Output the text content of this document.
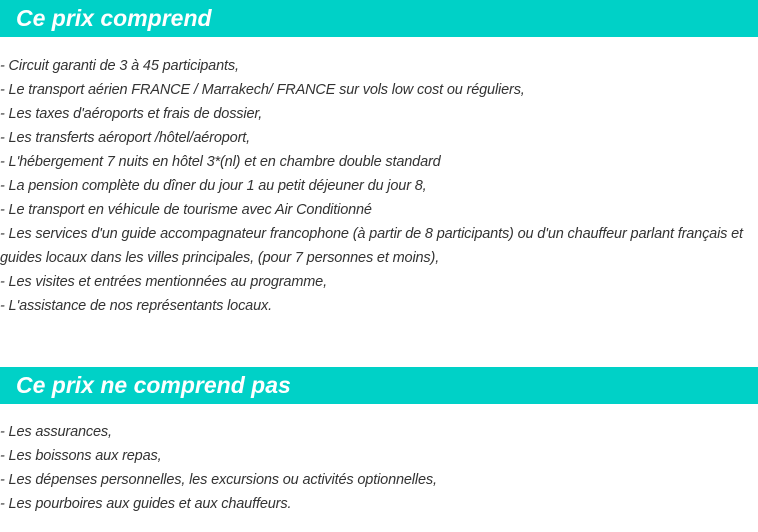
Ce prix comprend
- Circuit garanti de 3 à 45 participants,
- Le transport aérien FRANCE / Marrakech/ FRANCE sur vols low cost ou réguliers,
- Les taxes d'aéroports et frais de dossier,
- Les transferts aéroport /hôtel/aéroport,
- L'hébergement 7 nuits en hôtel 3*(nl) et en chambre double standard
- La pension complète du dîner du jour 1 au petit déjeuner du jour 8,
- Le transport en véhicule de tourisme avec Air Conditionné
- Les services d'un guide accompagnateur francophone (à partir de 8 participants) ou d'un chauffeur parlant français et guides locaux dans les villes principales, (pour 7 personnes et moins),
- Les visites et entrées mentionnées au programme,
- L'assistance de nos représentants locaux.
Ce prix ne comprend pas
- Les assurances,
- Les boissons aux repas,
- Les dépenses personnelles, les excursions ou activités optionnelles,
- Les pourboires aux guides et aux chauffeurs.
